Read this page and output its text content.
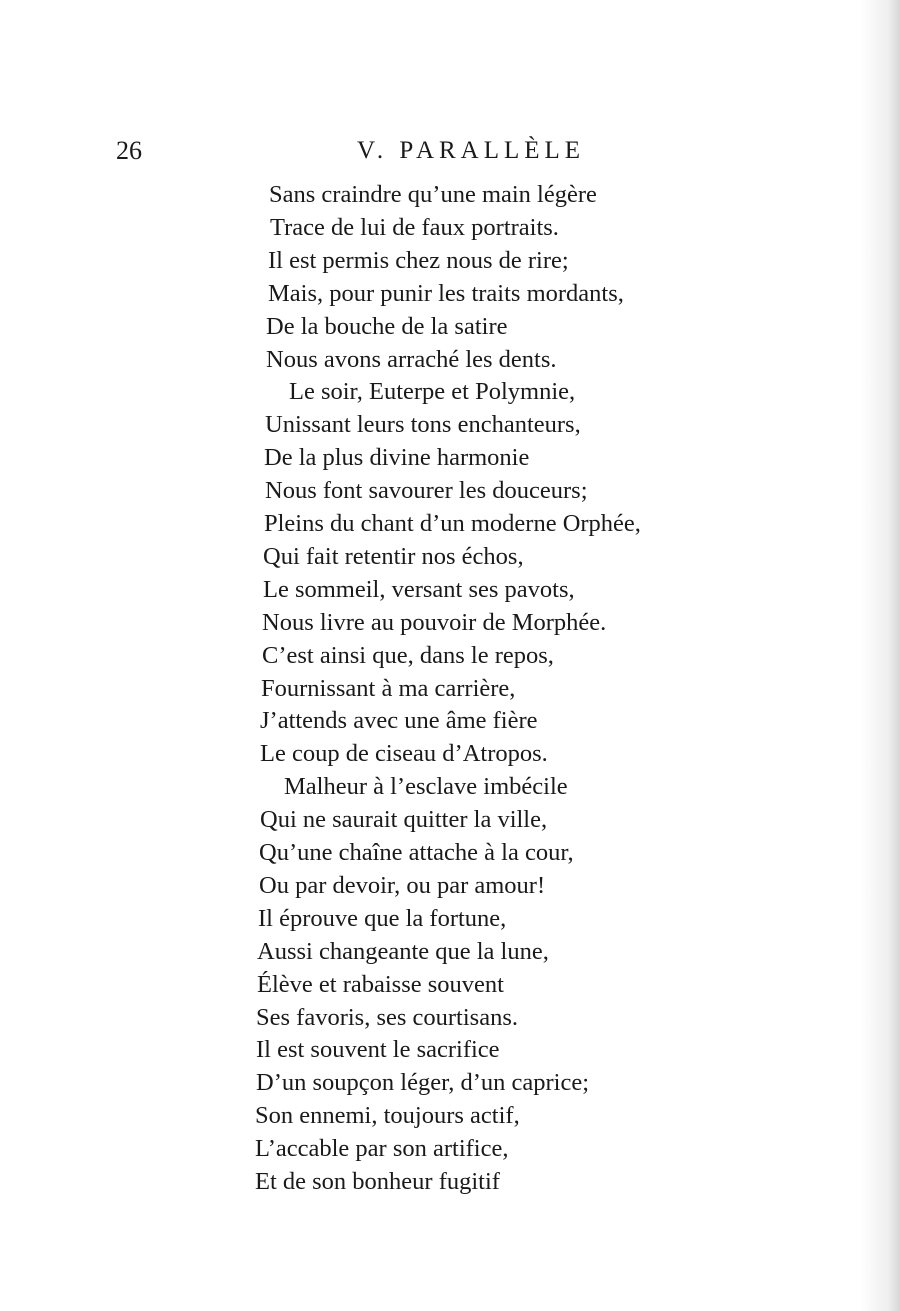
26	V. PARALLÈLE
Sans craindre qu’une main légère
Trace de lui de faux portraits.
Il est permis chez nous de rire;
Mais, pour punir les traits mordants,
De la bouche de la satire
Nous avons arraché les dents.
Le soir, Euterpe et Polymnie,
Unissant leurs tons enchanteurs,
De la plus divine harmonie
Nous font savourer les douceurs;
Pleins du chant d’un moderne Orphée,
Qui fait retentir nos échos,
Le sommeil, versant ses pavots,
Nous livre au pouvoir de Morphée.
C’est ainsi que, dans le repos,
Fournissant à ma carrière,
J’attends avec une âme fière
Le coup de ciseau d’Atropos.
Malheur à l’esclave imbécile
Qui ne saurait quitter la ville,
Qu’une chaîne attache à la cour,
Ou par devoir, ou par amour!
Il éprouve que la fortune,
Aussi changeante que la lune,
Élève et rabaisse souvent
Ses favoris, ses courtisans.
Il est souvent le sacrifice
D’un soupçon léger, d’un caprice;
Son ennemi, toujours actif,
L’accable par son artifice,
Et de son bonheur fugitif
